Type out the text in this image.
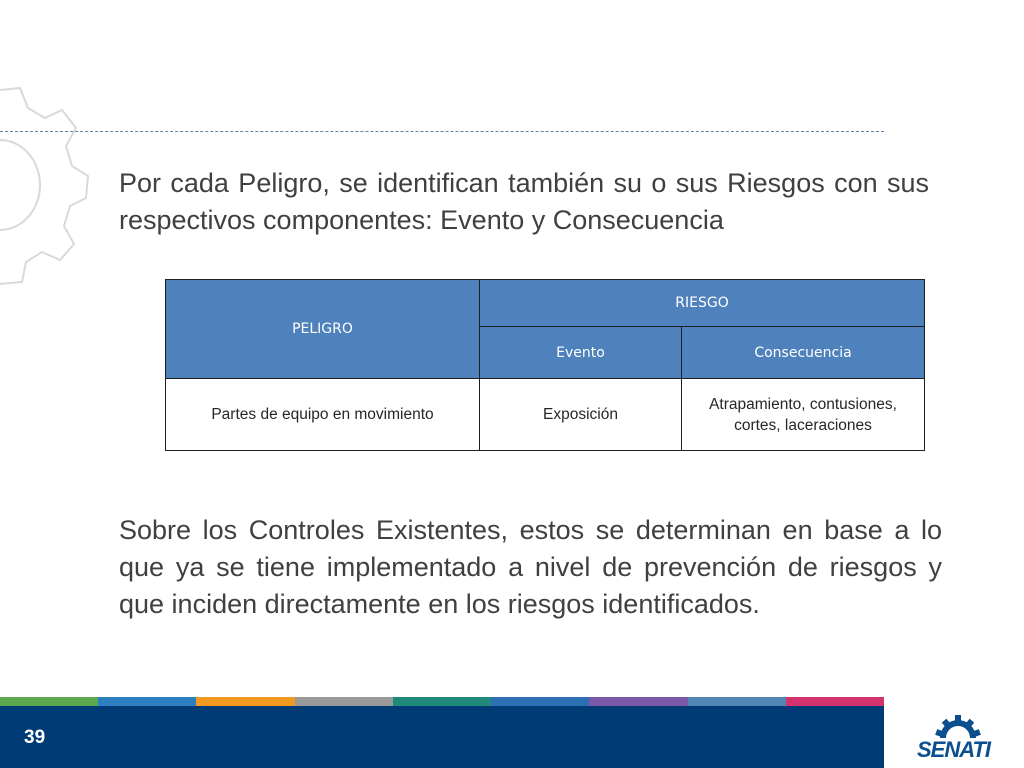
Por cada Peligro, se identifican también su o sus Riesgos con sus respectivos componentes: Evento y Consecuencia

PELIGRO	RIESGO	
	Evento	Consecuencia
Partes de equipo en movimiento	Exposición	Atrapamiento, contusiones, cortes, laceraciones

Sobre los Controles Existentes, estos se determinan en base a lo que ya se tiene implementado a nivel de prevención de riesgos y que inciden directamente en los riesgos identificados.

39	SENATI
